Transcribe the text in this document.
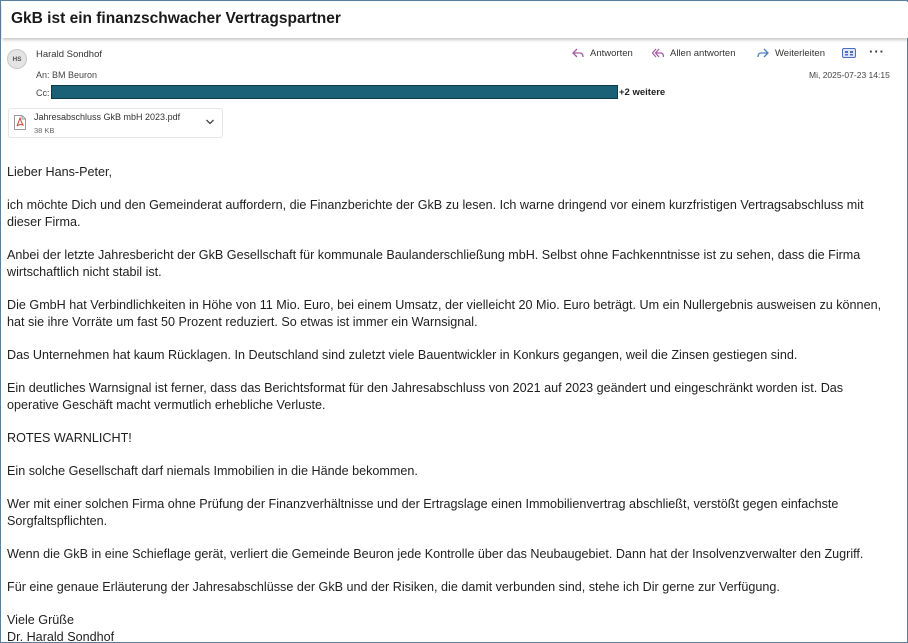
GkB ist ein finanzschwacher Vertragspartner
HS	Harald Sondhof
An: BM Beuron
Cc:	+2 weitere
Antworten	Allen antworten	Weiterleiten	···
Mi, 2025-07-23 14:15
Jahresabschluss GkB mbH 2023.pdf
38 KB

Lieber Hans-Peter,

ich möchte Dich und den Gemeinderat auffordern, die Finanzberichte der GkB zu lesen. Ich warne dringend vor einem kurzfristigen Vertragsabschluss mit

dieser Firma.

Anbei der letzte Jahresbericht der GkB Gesellschaft für kommunale Baulanderschließung mbH. Selbst ohne Fachkenntnisse ist zu sehen, dass die Firma

wirtschaftlich nicht stabil ist.

Die GmbH hat Verbindlichkeiten in Höhe von 11 Mio. Euro, bei einem Umsatz, der vielleicht 20 Mio. Euro beträgt. Um ein Nullergebnis ausweisen zu können,

hat sie ihre Vorräte um fast 50 Prozent reduziert. So etwas ist immer ein Warnsignal.

Das Unternehmen hat kaum Rücklagen. In Deutschland sind zuletzt viele Bauentwickler in Konkurs gegangen, weil die Zinsen gestiegen sind.

Ein deutliches Warnsignal ist ferner, dass das Berichtsformat für den Jahresabschluss von 2021 auf 2023 geändert und eingeschränkt worden ist. Das

operative Geschäft macht vermutlich erhebliche Verluste.

ROTES WARNLICHT!

Ein solche Gesellschaft darf niemals Immobilien in die Hände bekommen.

Wer mit einer solchen Firma ohne Prüfung der Finanzverhältnisse und der Ertragslage einen Immobilienvertrag abschließt, verstößt gegen einfachste

Sorgfaltspflichten.

Wenn die GkB in eine Schieflage gerät, verliert die Gemeinde Beuron jede Kontrolle über das Neubaugebiet. Dann hat der Insolvenzverwalter den Zugriff.

Für eine genaue Erläuterung der Jahresabschlüsse der GkB und der Risiken, die damit verbunden sind, stehe ich Dir gerne zur Verfügung.

Viele Grüße

Dr. Harald Sondhof
